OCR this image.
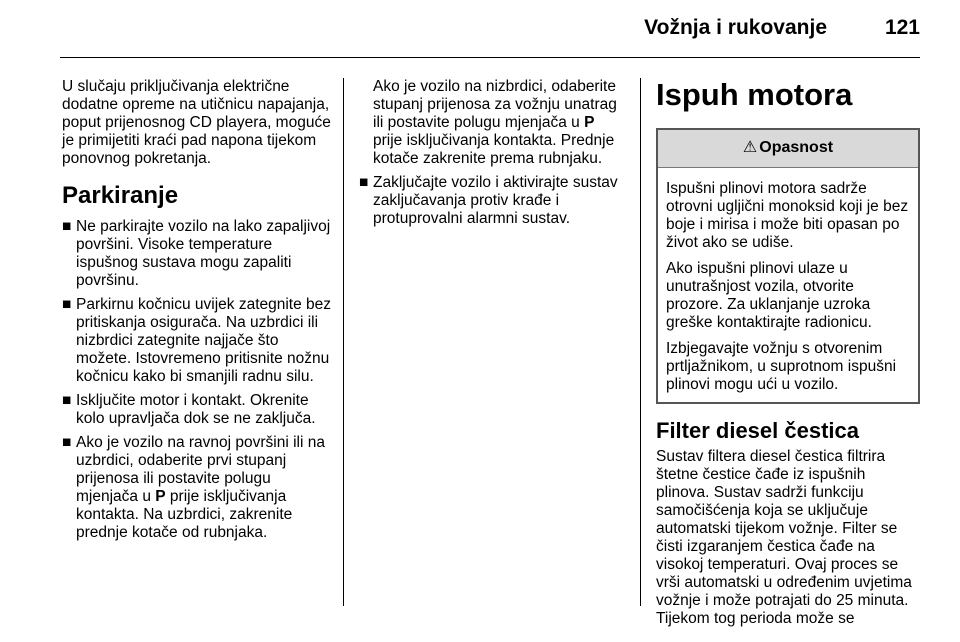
Vožnja i rukovanje	121

U slučaju priključivanja električne dodatne opreme na utičnicu napajanja, poput prijenosnog CD playera, moguće je primijetiti kraći pad napona tijekom ponovnog pokretanja.

Parkiranje
■ Ne parkirajte vozilo na lako zapaljivoj površini. Visoke temperature ispušnog sustava mogu zapaliti površinu.
■ Parkirnu kočnicu uvijek zategnite bez pritiskanja osigurača. Na uzbrdici ili nizbrdici zategnite najjače što možete. Istovremeno pritisnite nožnu kočnicu kako bi smanjili radnu silu.
■ Isključite motor i kontakt. Okrenite kolo upravljača dok se ne zaključa.
■ Ako je vozilo na ravnoj površini ili na uzbrdici, odaberite prvi stupanj prijenosa ili postavite polugu mjenjača u P prije isključivanja kontakta. Na uzbrdici, zakrenite prednje kotače od rubnjaka.

Ako je vozilo na nizbrdici, odaberite stupanj prijenosa za vožnju unatrag ili postavite polugu mjenjača u P prije isključivanja kontakta. Prednje kotače zakrenite prema rubnjaku.

■ Zaključajte vozilo i aktivirajte sustav zaključavanja protiv krađe i protuprovalni alarmni sustav.
Ispuh motora
⚠ Opasnost

Ispušni plinovi motora sadrže otrovni ugljični monoksid koji je bez boje i mirisa i može biti opasan po život ako se udiše.

Ako ispušni plinovi ulaze u unutrašnjost vozila, otvorite prozore. Za uklanjanje uzroka greške kontaktirajte radionicu.

Izbjegavajte vožnju s otvorenim prtljažnikom, u suprotnom ispušni plinovi mogu ući u vozilo.

Filter diesel čestica

Sustav filtera diesel čestica filtrira štetne čestice čađe iz ispušnih plinova. Sustav sadrži funkciju samočišćenja koja se uključuje automatski tijekom vožnje. Filter se čisti izgaranjem čestica čađe na visokoj temperaturi. Ovaj proces se vrši automatski u određenim uvjetima vožnje i može potrajati do 25 minuta. Tijekom tog perioda može se
